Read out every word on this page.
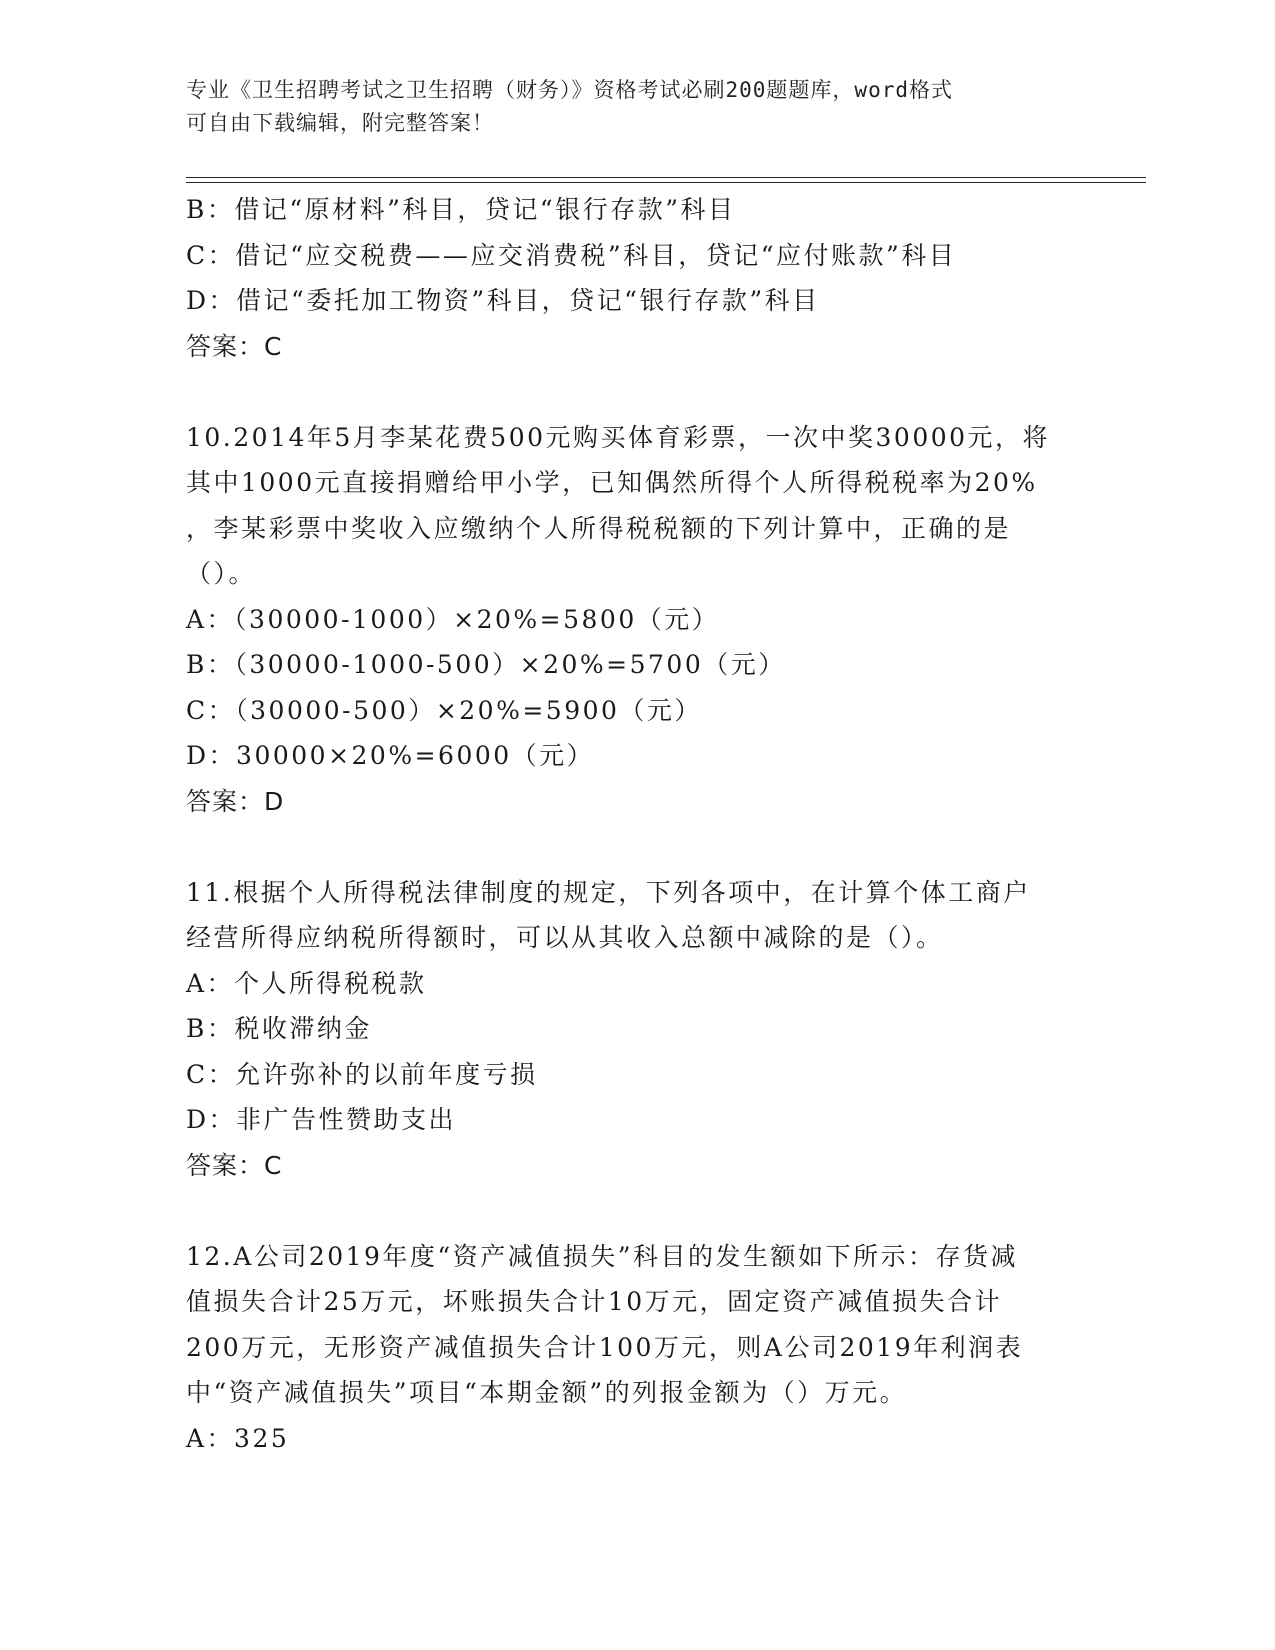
专业《卫生招聘考试之卫生招聘（财务）》资格考试必刷200题题库，word格式
可自由下载编辑，附完整答案！
B：借记“原材料”科目，贷记“银行存款”科目
C：借记“应交税费——应交消费税”科目，贷记“应付账款”科目
D：借记“委托加工物资”科目，贷记“银行存款”科目
答案：C
10.2014年5月李某花费500元购买体育彩票，一次中奖30000元，将
其中1000元直接捐赠给甲小学，已知偶然所得个人所得税税率为20%
，李某彩票中奖收入应缴纳个人所得税税额的下列计算中，正确的是
（）。
A：（30000-1000）×20%=5800（元）
B：（30000-1000-500）×20%=5700（元）
C：（30000-500）×20%=5900（元）
D：30000×20%=6000（元）
答案：D
11.根据个人所得税法律制度的规定，下列各项中，在计算个体工商户
经营所得应纳税所得额时，可以从其收入总额中减除的是（）。
A：个人所得税税款
B：税收滞纳金
C：允许弥补的以前年度亏损
D：非广告性赞助支出
答案：C
12.A公司2019年度“资产减值损失”科目的发生额如下所示：存货减
值损失合计25万元，坏账损失合计10万元，固定资产减值损失合计
200万元，无形资产减值损失合计100万元，则A公司2019年利润表
中“资产减值损失”项目“本期金额”的列报金额为（）万元。
A：325
